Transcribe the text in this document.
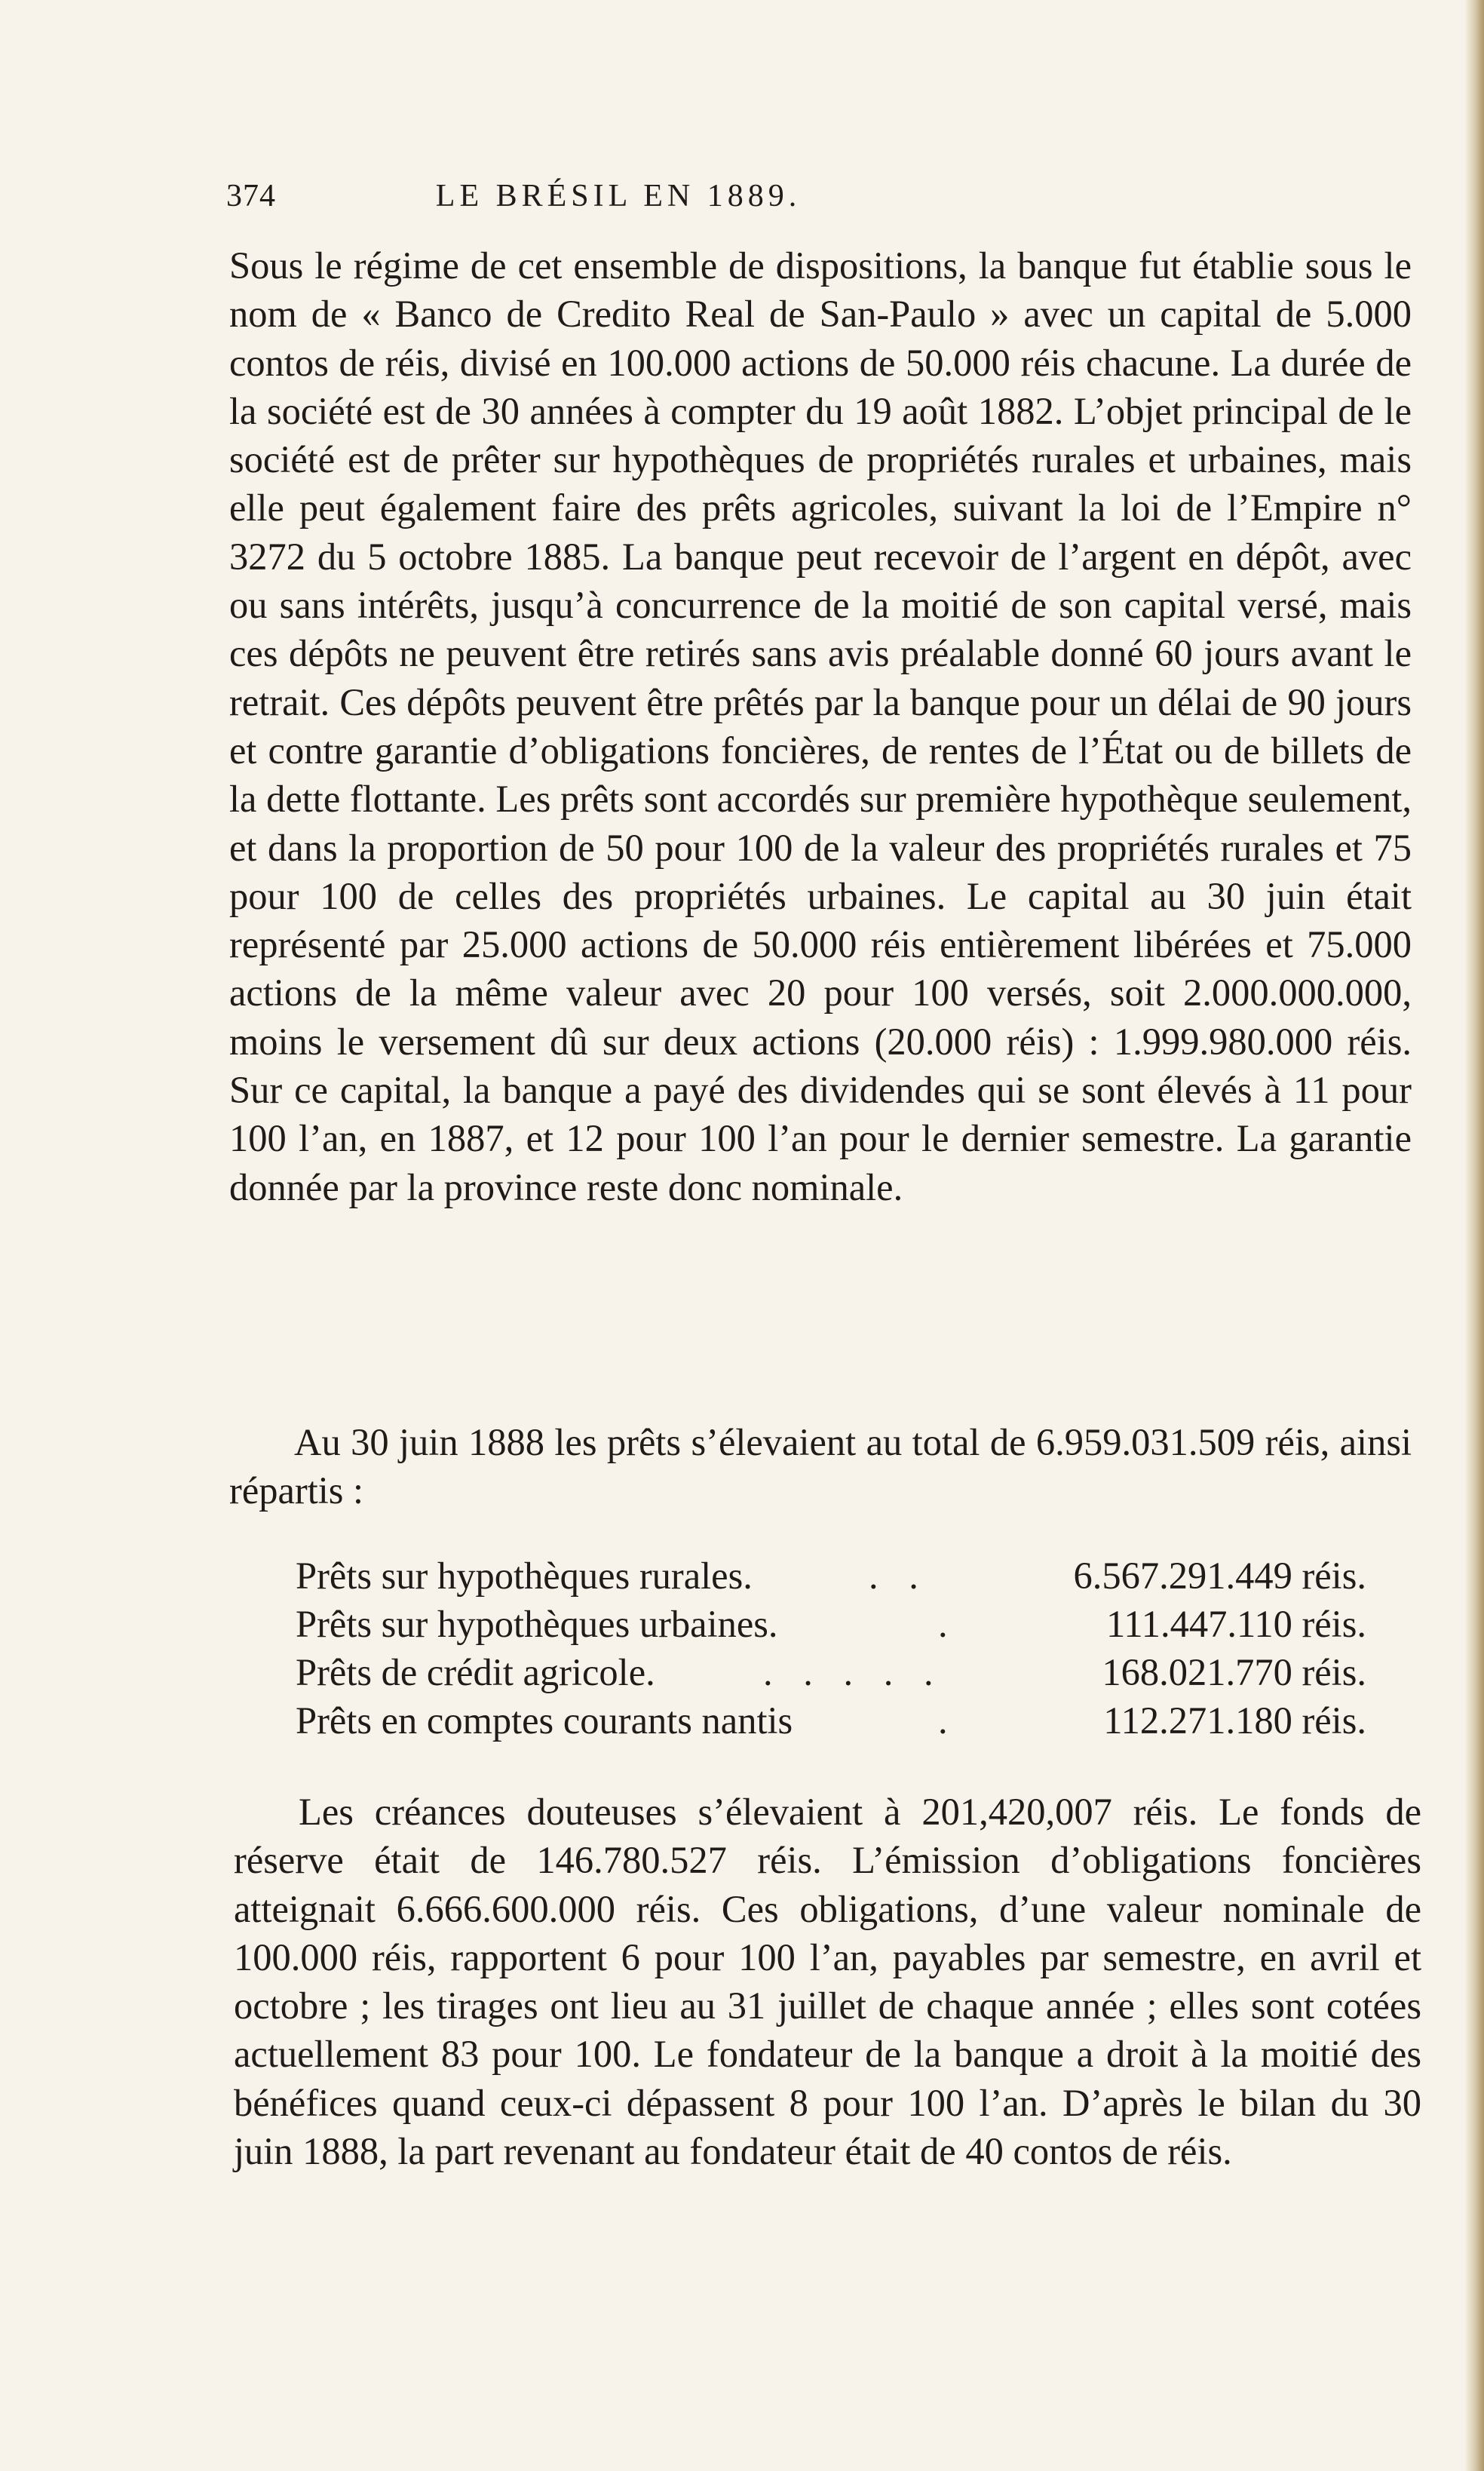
374	LE BRÉSIL EN 1889.

Sous le régime de cet ensemble de dispositions, la banque fut établie sous le nom de « Banco de Credito Real de San-Paulo » avec un capital de 5.000 contos de réis, divisé en 100.000 actions de 50.000 réis chacune. La durée de la société est de 30 années à compter du 19 août 1882. L’objet principal de le société est de prêter sur hypothèques de propriétés rurales et urbaines, mais elle peut également faire des prêts agricoles, suivant la loi de l’Empire n° 3272 du 5 octobre 1885. La banque peut recevoir de l’argent en dépôt, avec ou sans intérêts, jusqu’à concurrence de la moitié de son capital versé, mais ces dépôts ne peuvent être retirés sans avis préalable donné 60 jours avant le retrait. Ces dépôts peuvent être prêtés par la banque pour un délai de 90 jours et contre garantie d’obligations foncières, de rentes de l’État ou de billets de la dette flottante. Les prêts sont accordés sur première hypothèque seulement, et dans la proportion de 50 pour 100 de la valeur des propriétés rurales et 75 pour 100 de celles des propriétés urbaines. Le capital au 30 juin était représenté par 25.000 actions de 50.000 réis entièrement libérées et 75.000 actions de la même valeur avec 20 pour 100 versés, soit 2.000.000.000, moins le versement dû sur deux actions (20.000 réis) : 1.999.980.000 réis. Sur ce capital, la banque a payé des dividendes qui se sont élevés à 11 pour 100 l’an, en 1887, et 12 pour 100 l’an pour le dernier semestre. La garantie donnée par la province reste donc nominale.

Au 30 juin 1888 les prêts s’élevaient au total de 6.959.031.509 réis, ainsi répartis :

Prêts sur hypothèques rurales.	. .	6.567.291.449 réis.
Prêts sur hypothèques urbaines.	.	111.447.110 réis.
Prêts de crédit agricole.	. . . . .	168.021.770 réis.
Prêts en comptes courants nantis	.	112.271.180 réis.

Les créances douteuses s’élevaient à 201,420,007 réis. Le fonds de réserve était de 146.780.527 réis. L’émission d’obligations foncières atteignait 6.666.600.000 réis. Ces obligations, d’une valeur nominale de 100.000 réis, rapportent 6 pour 100 l’an, payables par semestre, en avril et octobre ; les tirages ont lieu au 31 juillet de chaque année ; elles sont cotées actuellement 83 pour 100. Le fondateur de la banque a droit à la moitié des bénéfices quand ceux-ci dépassent 8 pour 100 l’an. D’après le bilan du 30 juin 1888, la part revenant au fondateur était de 40 contos de réis.
